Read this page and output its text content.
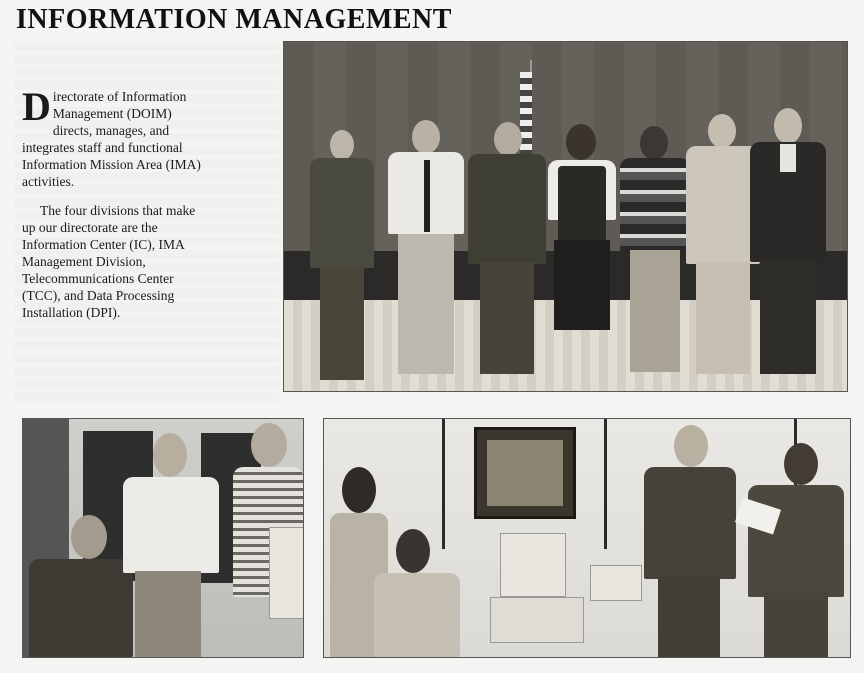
INFORMATION MANAGEMENT

Directorate of Information Management (DOIM) directs, manages, and integrates staff and functional Information Mission Area (IMA) activities.

The four divisions that make up our directorate are the Information Center (IC), IMA Management Division, Telecommunications Center (TCC), and Data Processing Installation (DPI).
